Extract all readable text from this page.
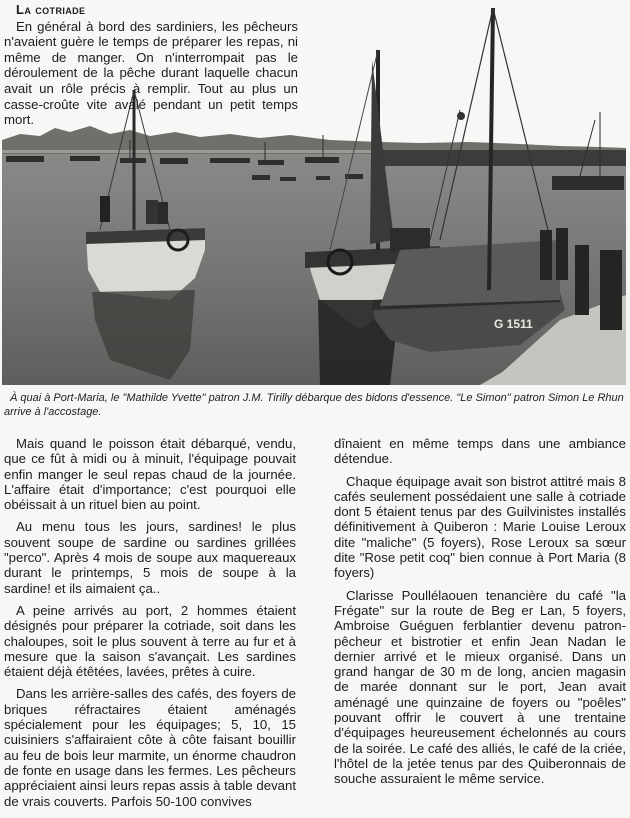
G 1511
La cotriade

En général à bord des sardiniers, les pêcheurs n'avaient guère le temps de préparer les repas, ni même de manger. On n'interrompait pas le déroulement de la pêche durant laquelle chacun avait un rôle précis à remplir. Tout au plus un casse-croûte vite avalé pendant un petit temps mort.

À quai à Port-Maria, le "Mathilde Yvette" patron J.M. Tirilly débarque des bidons d'essence. "Le Simon" patron Simon Le Rhun arrive à l'accostage.

Mais quand le poisson était débarqué, vendu, que ce fût à midi ou à minuit, l'équipage pouvait enfin manger le seul repas chaud de la journée. L'affaire était d'importance; c'est pourquoi elle obéissait à un rituel bien au point.

Au menu tous les jours, sardines! le plus souvent soupe de sardine ou sardines grillées "perco". Après 4 mois de soupe aux maquereaux durant le printemps, 5 mois de soupe à la sardine! et ils aimaient ça..

A peine arrivés au port, 2 hommes étaient désignés pour préparer la cotriade, soit dans les chaloupes, soit le plus souvent à terre au fur et à mesure que la saison s'avançait. Les sardines étaient déjà étêtées, lavées, prêtes à cuire.

Dans les arrière-salles des cafés, des foyers de briques réfractaires étaient aménagés spécialement pour les équipages; 5, 10, 15 cuisiniers s'affairaient côte à côte faisant bouillir au feu de bois leur marmite, un énorme chaudron de fonte en usage dans les fermes. Les pêcheurs appréciaient ainsi leurs repas assis à table devant de vrais couverts. Parfois 50-100 convives

dînaient en même temps dans une ambiance détendue.

Chaque équipage avait son bistrot attitré mais 8 cafés seulement possédaient une salle à cotriade dont 5 étaient tenus par des Guilvinistes installés définitivement à Quiberon : Marie Louise Leroux dite "maliche" (5 foyers), Rose Leroux sa sœur dite "Rose petit coq" bien connue à Port Maria (8 foyers)

Clarisse Poullélaouen tenancière du café "la Frégate" sur la route de Beg er Lan, 5 foyers, Ambroise Guéguen ferblantier devenu patron-pêcheur et bistrotier et enfin Jean Nadan le dernier arrivé et le mieux organisé. Dans un grand hangar de 30 m de long, ancien magasin de marée donnant sur le port, Jean avait aménagé une quinzaine de foyers ou "poêles" pouvant offrir le couvert à une trentaine d'équipages heureusement échelonnés au cours de la soirée. Le café des alliés, le café de la criée, l'hôtel de la jetée tenus par des Quiberonnais de souche assuraient le même service.
